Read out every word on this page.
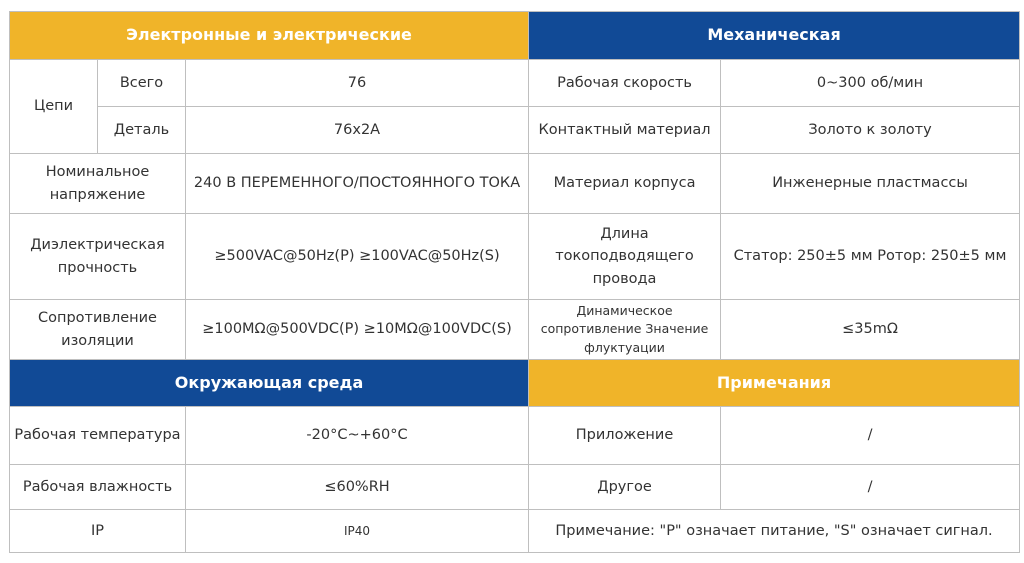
Электронные и электрические			Механическая	
Цепи	Всего	76	Рабочая скорость	0~300 об/мин
	Деталь	76x2A	Контактный материал	Золото к золоту
Номинальное напряжение		240 В ПЕРЕМЕННОГО/ПОСТОЯННОГО ТОКА	Материал корпуса	Инженерные пластмассы
Диэлектрическая прочность		≥500VAC@50Hz(P) ≥100VAC@50Hz(S)	Длина токоподводящего провода	Статор: 250±5 мм Ротор: 250±5 мм
Сопротивление изоляции		≥100MΩ@500VDC(P) ≥10MΩ@100VDC(S)	Динамическое сопротивление Значение флуктуации	≤35mΩ
Окружающая среда			Примечания	
Рабочая температура		-20°C~+60°C	Приложение	/
Рабочая влажность		≤60%RH	Другое	/
IP		IP40	Примечание: "P" означает питание, "S" означает сигнал.	
